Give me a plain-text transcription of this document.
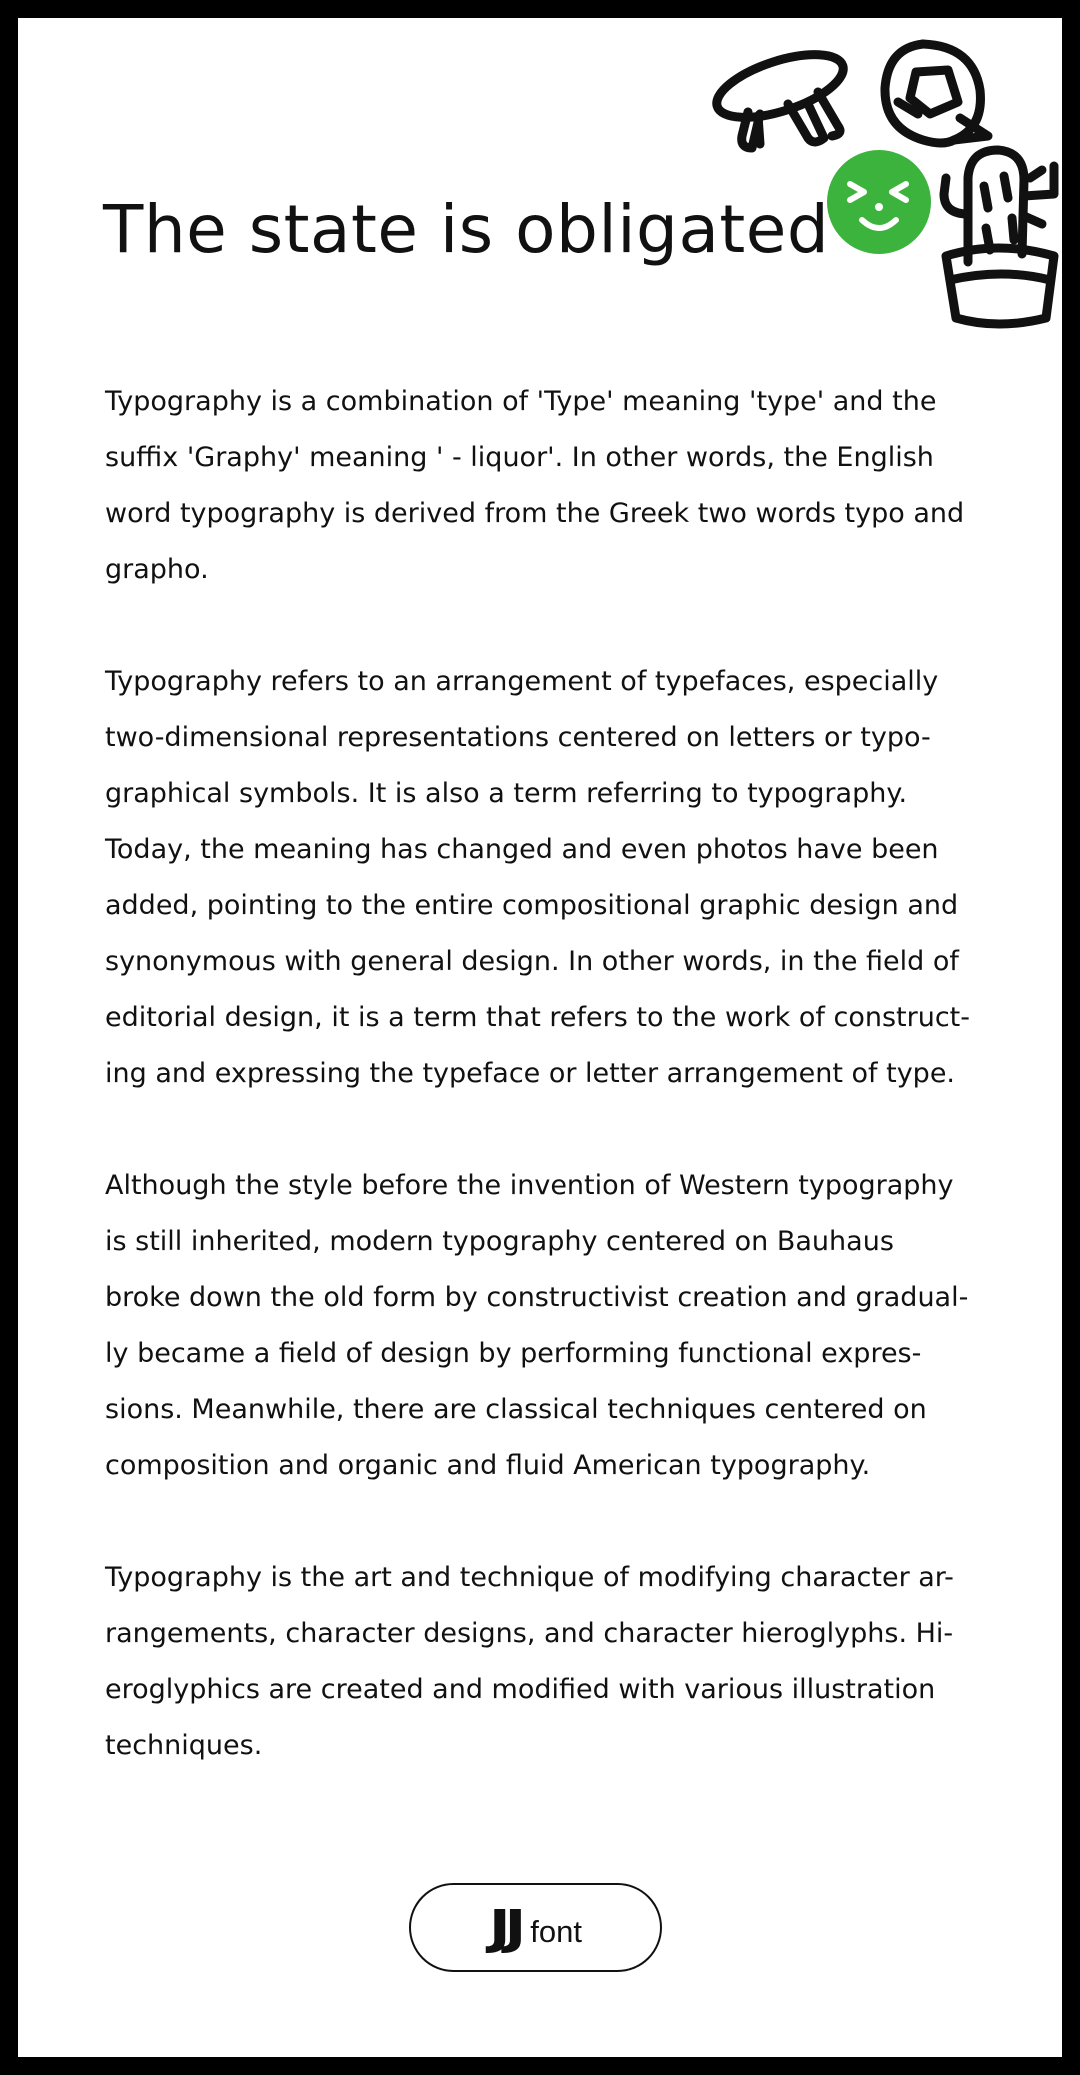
The state is obligated

Typography is a combination of 'Type' meaning 'type' and the
suffix 'Graphy' meaning ' - liquor'. In other words, the English
word typography is derived from the Greek two words typo and
grapho.

Typography refers to an arrangement of typefaces, especially
two-dimensional representations centered on letters or typo-
graphical symbols. It is also a term referring to typography.
Today, the meaning has changed and even photos have been
added, pointing to the entire compositional graphic design and
synonymous with general design. In other words, in the field of
editorial design, it is a term that refers to the work of construct-
ing and expressing the typeface or letter arrangement of type.

Although the style before the invention of Western typography
is still inherited, modern typography centered on Bauhaus
broke down the old form by constructivist creation and gradual-
ly became a field of design by performing functional expres-
sions. Meanwhile, there are classical techniques centered on
composition and organic and fluid American typography.

Typography is the art and technique of modifying character ar-
rangements, character designs, and character hieroglyphs. Hi-
eroglyphics are created and modified with various illustration
techniques.

JJ font
